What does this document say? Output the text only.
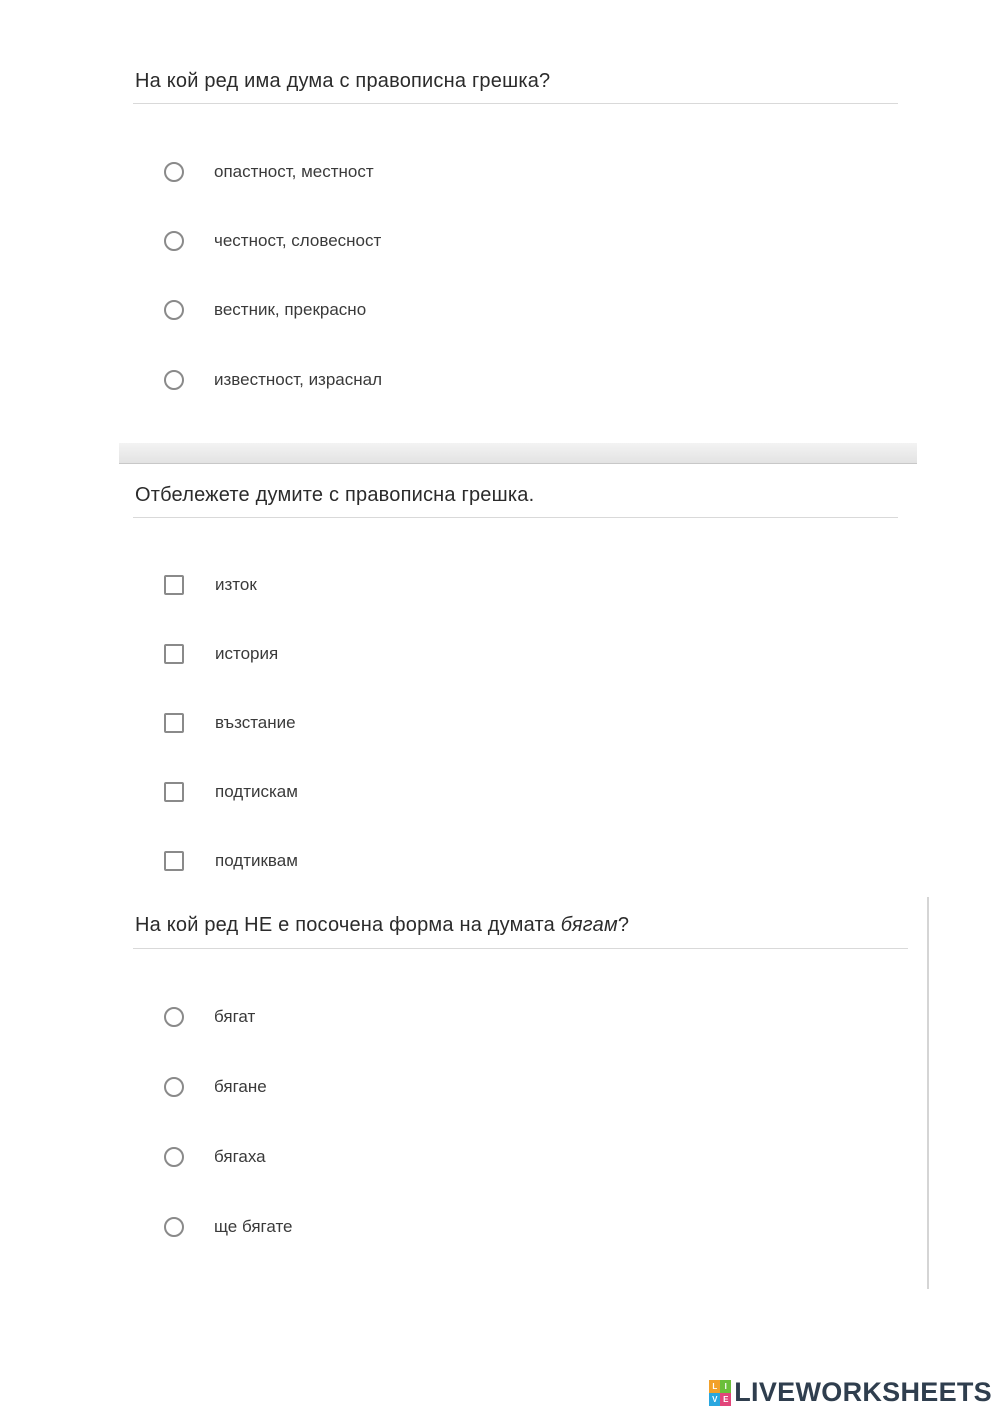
На кой ред има дума с правописна грешка?
опастност, местност
честност, словесност
вестник, прекрасно
известност, израснал
Отбележете думите с правописна грешка.
изток
история
възстание
подтискам
подтиквам
На кой ред НЕ е посочена форма на думата бягам?
бягат
бягане
бягаха
ще бягате
L I
V E LIVEWORKSHEETS
